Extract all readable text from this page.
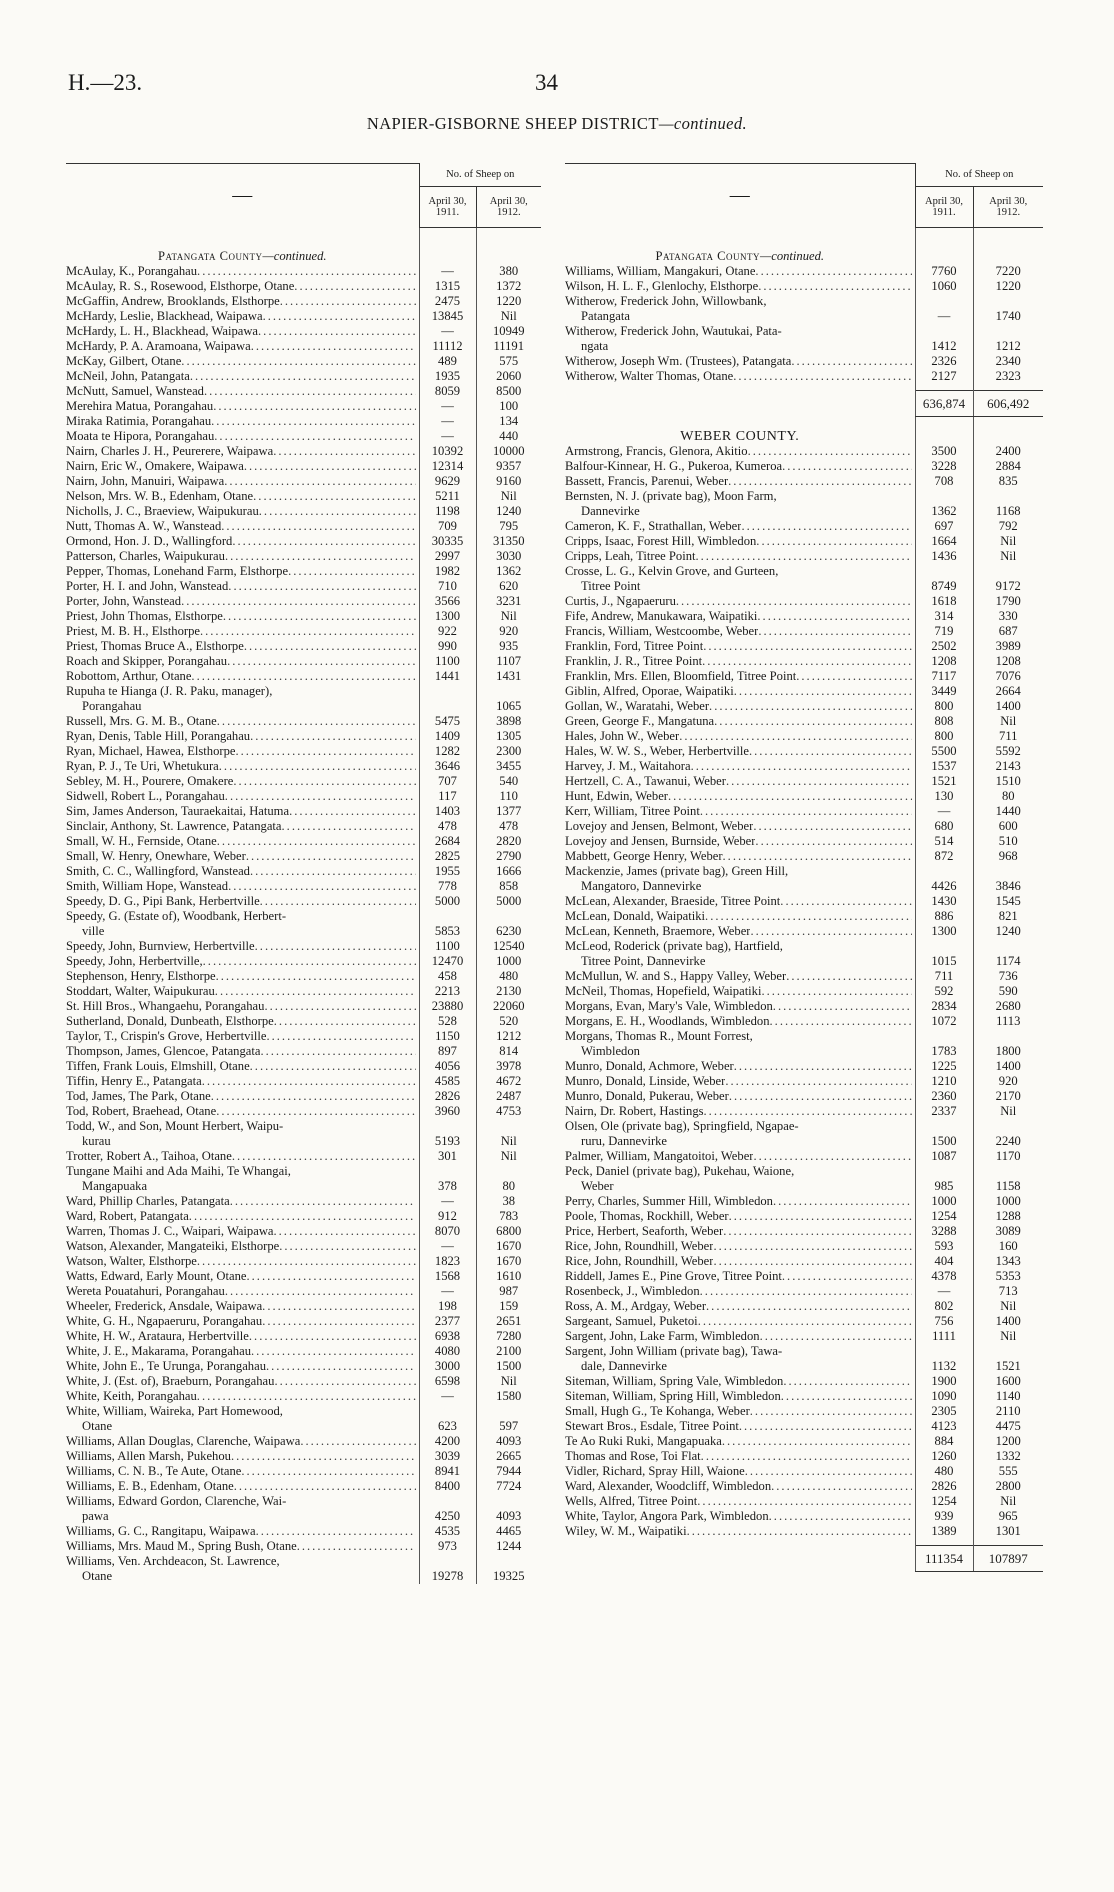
H.—23.	34
NAPIER-GISBORNE SHEEP DISTRICT—continued.
—	No. of Sheep on	
	April 30,
1911.	April 30,
1912.
Patangata County—continued.		

McAulay, K., Porangahau
.....	—	380

McAulay, R. S., Rosewood, Elsthorpe, Otane
.....	1315	1372

McGaffin, Andrew, Brooklands, Elsthorpe
.....	2475	1220

McHardy, Leslie, Blackhead, Waipawa
.....	13845	Nil

McHardy, L. H., Blackhead, Waipawa
.....	—	10949

McHardy, P. A. Aramoana, Waipawa
.....	11112	11191

McKay, Gilbert, Otane
.....	489	575

McNeil, John, Patangata
.....	1935	2060

McNutt, Samuel, Wanstead
.....	8059	8500

Merehira Matua, Porangahau
.....	—	100

Miraka Ratimia, Porangahau
.....	—	134

Moata te Hipora, Porangahau
.....	—	440

Nairn, Charles J. H., Peurerere, Waipawa
.....	10392	10000

Nairn, Eric W., Omakere, Waipawa
.....	12314	9357

Nairn, John, Manuiri, Waipawa
.....	9629	9160

Nelson, Mrs. W. B., Edenham, Otane
.....	5211	Nil

Nicholls, J. C., Braeview, Waipukurau
.....	1198	1240

Nutt, Thomas A. W., Wanstead
.....	709	795

Ormond, Hon. J. D., Wallingford
.....	30335	31350

Patterson, Charles, Waipukurau
.....	2997	3030

Pepper, Thomas, Lonehand Farm, Elsthorpe
.....	1982	1362

Porter, H. I. and John, Wanstead
.....	710	620

Porter, John, Wanstead
.....	3566	3231

Priest, John Thomas, Elsthorpe
.....	1300	Nil

Priest, M. B. H., Elsthorpe
.....	922	920

Priest, Thomas Bruce A., Elsthorpe
.....	990	935

Roach and Skipper, Porangahau
.....	1100	1107

Robottom, Arthur, Otane
.....	1441	1431

Rupuha te Hianga (J. R. Paku, manager),
Porangahau		1065

Russell, Mrs. G. M. B., Otane
.....	5475	3898

Ryan, Denis, Table Hill, Porangahau
.....	1409	1305

Ryan, Michael, Hawea, Elsthorpe
.....	1282	2300

Ryan, P. J., Te Uri, Whetukura
.....	3646	3455

Sebley, M. H., Pourere, Omakere
.....	707	540

Sidwell, Robert L., Porangahau
.....	117	110

Sim, James Anderson, Tauraekaitai, Hatuma
.....	1403	1377

Sinclair, Anthony, St. Lawrence, Patangata
.....	478	478

Small, W. H., Fernside, Otane
.....	2684	2820

Small, W. Henry, Onewhare, Weber
.....	2825	2790

Smith, C. C., Wallingford, Wanstead
.....	1955	1666

Smith, William Hope, Wanstead
.....	778	858

Speedy, D. G., Pipi Bank, Herbertville
.....	5000	5000

Speedy, G. (Estate of), Woodbank, Herbert-
ville	5853	6230

Speedy, John, Burnview, Herbertville
.....	1100	12540

Speedy, John, Herbertville,
.....	12470	1000

Stephenson, Henry, Elsthorpe
.....	458	480

Stoddart, Walter, Waipukurau
.....	2213	2130

St. Hill Bros., Whangaehu, Porangahau
.....	23880	22060

Sutherland, Donald, Dunbeath, Elsthorpe
.....	528	520

Taylor, T., Crispin's Grove, Herbertville
.....	1150	1212

Thompson, James, Glencoe, Patangata
.....	897	814

Tiffen, Frank Louis, Elmshill, Otane
.....	4056	3978

Tiffin, Henry E., Patangata
.....	4585	4672

Tod, James, The Park, Otane
.....	2826	2487

Tod, Robert, Braehead, Otane
.....	3960	4753

Todd, W., and Son, Mount Herbert, Waipu-
kurau	5193	Nil

Trotter, Robert A., Taihoa, Otane
.....	301	Nil

Tungane Maihi and Ada Maihi, Te Whangai,
Mangapuaka	378	80

Ward, Phillip Charles, Patangata
.....	—	38

Ward, Robert, Patangata
.....	912	783

Warren, Thomas J. C., Waipari, Waipawa
.....	8070	6800

Watson, Alexander, Mangateiki, Elsthorpe
.....	—	1670

Watson, Walter, Elsthorpe
.....	1823	1670

Watts, Edward, Early Mount, Otane
.....	1568	1610

Wereta Pouatahuri, Porangahau
.....	—	987

Wheeler, Frederick, Ansdale, Waipawa
.....	198	159

White, G. H., Ngapaeruru, Porangahau
.....	2377	2651

White, H. W., Arataura, Herbertville
.....	6938	7280

White, J. E., Makarama, Porangahau
.....	4080	2100

White, John E., Te Urunga, Porangahau
.....	3000	1500

White, J. (Est. of), Braeburn, Porangahau
.....	6598	Nil

White, Keith, Porangahau
.....	—	1580

White, William, Waireka, Part Homewood,
Otane	623	597

Williams, Allan Douglas, Clarenche, Waipawa
.....	4200	4093

Williams, Allen Marsh, Pukehou
.....	3039	2665

Williams, C. N. B., Te Aute, Otane
.....	8941	7944

Williams, E. B., Edenham, Otane
.....	8400	7724

Williams, Edward Gordon, Clarenche, Wai-
pawa	4250	4093

Williams, G. C., Rangitapu, Waipawa
.....	4535	4465

Williams, Mrs. Maud M., Spring Bush, Otane
.....	973	1244

Williams, Ven. Archdeacon, St. Lawrence,
Otane	19278	19325
—	No. of Sheep on	
	April 30,
1911.	April 30,
1912.
Patangata County—continued.		

Williams, William, Mangakuri, Otane
.....	7760	7220

Wilson, H. L. F., Glenlochy, Elsthorpe
.....	1060	1220

Witherow, Frederick John, Willowbank,
Patangata	—	1740

Witherow, Frederick John, Wautukai, Pata-
ngata	1412	1212

Witherow, Joseph Wm. (Trustees), Patangata
.....	2326	2340

Witherow, Walter Thomas, Otane
.....	2127	2323

	636,874	606,492
WEBER COUNTY.		

Armstrong, Francis, Glenora, Akitio
.....	3500	2400

Balfour-Kinnear, H. G., Pukeroa, Kumeroa
.....	3228	2884

Bassett, Francis, Parenui, Weber
.....	708	835

Bernsten, N. J. (private bag), Moon Farm,
Dannevirke	1362	1168

Cameron, K. F., Strathallan, Weber
.....	697	792

Cripps, Isaac, Forest Hill, Wimbledon
.....	1664	Nil

Cripps, Leah, Titree Point
.....	1436	Nil

Crosse, L. G., Kelvin Grove, and Gurteen,
Titree Point	8749	9172

Curtis, J., Ngapaeruru
.....	1618	1790

Fife, Andrew, Manukawara, Waipatiki
.....	314	330

Francis, William, Westcoombe, Weber
.....	719	687

Franklin, Ford, Titree Point
.....	2502	3989

Franklin, J. R., Titree Point
.....	1208	1208

Franklin, Mrs. Ellen, Bloomfield, Titree Point
.....	7117	7076

Giblin, Alfred, Oporae, Waipatiki
.....	3449	2664

Gollan, W., Waratahi, Weber
.....	800	1400

Green, George F., Mangatuna
.....	808	Nil

Hales, John W., Weber
.....	800	711

Hales, W. W. S., Weber, Herbertville
.....	5500	5592

Harvey, J. M., Waitahora
.....	1537	2143

Hertzell, C. A., Tawanui, Weber
.....	1521	1510

Hunt, Edwin, Weber
.....	130	80

Kerr, William, Titree Point
.....	—	1440

Lovejoy and Jensen, Belmont, Weber
.....	680	600

Lovejoy and Jensen, Burnside, Weber
.....	514	510

Mabbett, George Henry, Weber
.....	872	968

Mackenzie, James (private bag), Green Hill,
Mangatoro, Dannevirke	4426	3846

McLean, Alexander, Braeside, Titree Point
.....	1430	1545

McLean, Donald, Waipatiki
.....	886	821

McLean, Kenneth, Braemore, Weber
.....	1300	1240

McLeod, Roderick (private bag), Hartfield,
Titree Point, Dannevirke	1015	1174

McMullun, W. and S., Happy Valley, Weber
.....	711	736

McNeil, Thomas, Hopefield, Waipatiki
.....	592	590

Morgans, Evan, Mary's Vale, Wimbledon
.....	2834	2680

Morgans, E. H., Woodlands, Wimbledon
.....	1072	1113

Morgans, Thomas R., Mount Forrest,
Wimbledon	1783	1800

Munro, Donald, Achmore, Weber
.....	1225	1400

Munro, Donald, Linside, Weber
.....	1210	920

Munro, Donald, Pukerau, Weber
.....	2360	2170

Nairn, Dr. Robert, Hastings
.....	2337	Nil

Olsen, Ole (private bag), Springfield, Ngapae-
ruru, Dannevirke	1500	2240

Palmer, William, Mangatoitoi, Weber
.....	1087	1170

Peck, Daniel (private bag), Pukehau, Waione,
Weber	985	1158

Perry, Charles, Summer Hill, Wimbledon
.....	1000	1000

Poole, Thomas, Rockhill, Weber
.....	1254	1288

Price, Herbert, Seaforth, Weber
.....	3288	3089

Rice, John, Roundhill, Weber
.....	593	160

Rice, John, Roundhill, Weber
.....	404	1343

Riddell, James E., Pine Grove, Titree Point
.....	4378	5353

Rosenbeck, J., Wimbledon
.....	—	713

Ross, A. M., Ardgay, Weber
.....	802	Nil

Sargeant, Samuel, Puketoi
.....	756	1400

Sargent, John, Lake Farm, Wimbledon
.....	1111	Nil

Sargent, John William (private bag), Tawa-
dale, Dannevirke	1132	1521

Siteman, William, Spring Vale, Wimbledon
.....	1900	1600

Siteman, William, Spring Hill, Wimbledon
.....	1090	1140

Small, Hugh G., Te Kohanga, Weber
.....	2305	2110

Stewart Bros., Esdale, Titree Point
.....	4123	4475

Te Ao Ruki Ruki, Mangapuaka
.....	884	1200

Thomas and Rose, Toi Flat
.....	1260	1332

Vidler, Richard, Spray Hill, Waione
.....	480	555

Ward, Alexander, Woodcliff, Wimbledon
.....	2826	2800

Wells, Alfred, Titree Point
.....	1254	Nil

White, Taylor, Angora Park, Wimbledon
.....	939	965

Wiley, W. M., Waipatiki
.....	1389	1301

	111354	107897
